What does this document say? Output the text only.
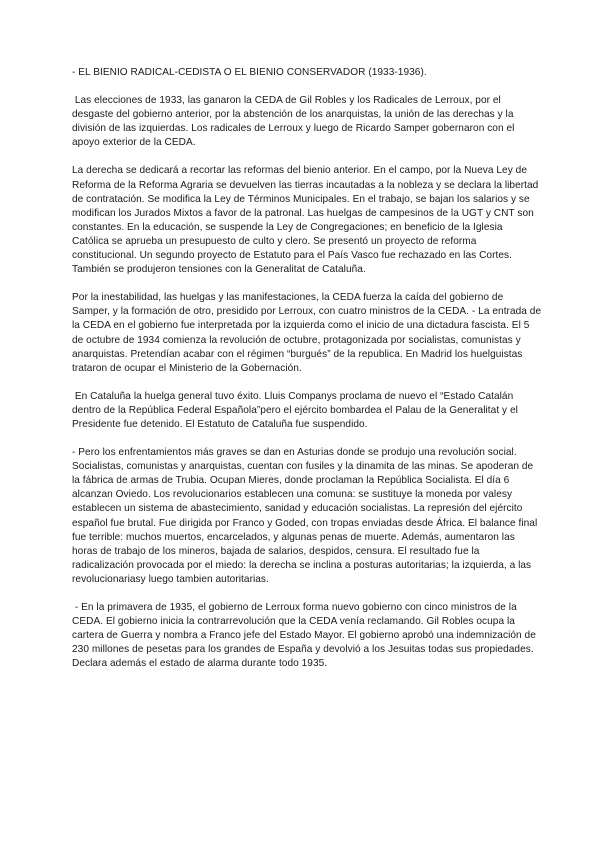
- EL BIENIO RADICAL-CEDISTA O EL BIENIO CONSERVADOR (1933-1936).

Las elecciones de 1933, las ganaron la CEDA de Gil Robles y los Radicales de Lerroux, por el desgaste del gobierno anterior, por la abstención de los anarquistas, la unión de las derechas y la división de las izquierdas. Los radicales de Lerroux y luego de Ricardo Samper gobernaron con el apoyo exterior de la CEDA.

La derecha se dedicará a recortar las reformas del bienio anterior. En el campo, por la Nueva Ley de Reforma de la Reforma Agraria se devuelven las tierras incautadas a la nobleza y se declara la libertad de contratación. Se modifica la Ley de Términos Municipales. En el trabajo, se bajan los salarios y se modifican los Jurados Mixtos a favor de la patronal. Las huelgas de campesinos de la UGT y CNT son constantes. En la educación, se suspende la Ley de Congregaciones; en beneficio de la Iglesia Católica se aprueba un presupuesto de culto y clero. Se presentó un proyecto de reforma constitucional. Un segundo proyecto de Estatuto para el País Vasco fue rechazado en las Cortes. También se produjeron tensiones con la Generalitat de Cataluña.

Por la inestabilidad, las huelgas y las manifestaciones, la CEDA fuerza la caída del gobierno de Samper, y la formación de otro, presidido por Lerroux, con cuatro ministros de la CEDA. - La entrada de la CEDA en el gobierno fue interpretada por la izquierda como el inicio de una dictadura fascista. El 5 de octubre de 1934 comienza la revolución de octubre, protagonizada por socialistas, comunistas y anarquistas. Pretendían acabar con el régimen “burgués” de la republica. En Madrid los huelguistas trataron de ocupar el Ministerio de la Gobernación.

En Cataluña la huelga general tuvo éxito. Lluis Companys proclama de nuevo el “Estado Catalán dentro de la República Federal Española”pero el ejército bombardea el Palau de la Generalitat y el Presidente fue detenido. El Estatuto de Cataluña fue suspendido.

- Pero los enfrentamientos más graves se dan en Asturias donde se produjo una revolución social. Socialistas, comunistas y anarquistas, cuentan con fusiles y la dinamita de las minas. Se apoderan de la fábrica de armas de Trubia. Ocupan Mieres, donde proclaman la República Socialista. El día 6 alcanzan Oviedo. Los revolucionarios establecen una comuna: se sustituye la moneda por valesy establecen un sistema de abastecimiento, sanidad y educación socialistas. La represión del ejército español fue brutal. Fue dirigida por Franco y Goded, con tropas enviadas desde África. El balance final fue terrible: muchos muertos, encarcelados, y algunas penas de muerte. Además, aumentaron las horas de trabajo de los mineros, bajada de salarios, despidos, censura. El resultado fue la radicalización provocada por el miedo: la derecha se inclina a posturas autoritarias; la izquierda, a las revolucionariasy luego tambien autoritarias.

- En la primavera de 1935, el gobierno de Lerroux forma nuevo gobierno con cinco ministros de la CEDA. El gobierno inicia la contrarrevolución que la CEDA venía reclamando. Gil Robles ocupa la cartera de Guerra y nombra a Franco jefe del Estado Mayor. El gobierno aprobó una indemnización de 230 millones de pesetas para los grandes de España y devolvió a los Jesuitas todas sus propiedades. Declara además el estado de alarma durante todo 1935.
